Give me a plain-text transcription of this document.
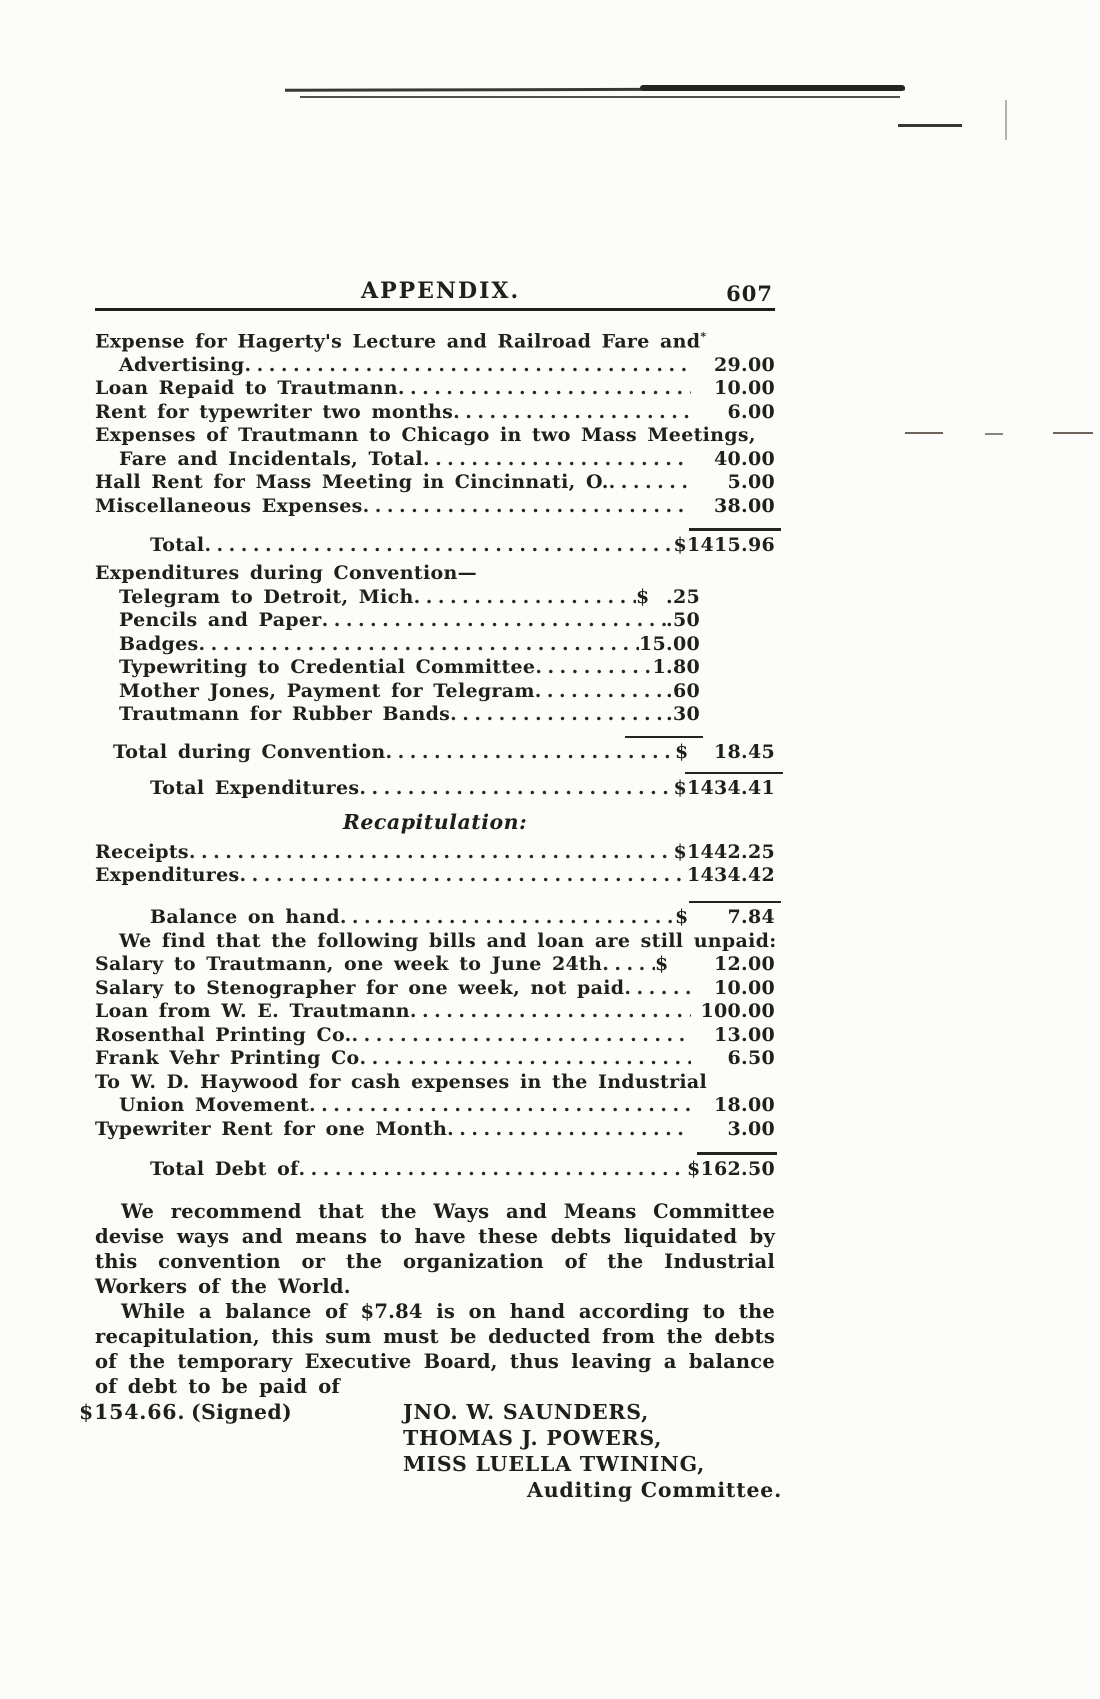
APPENDIX.	607
Expense for Hagerty's Lecture and Railroad Fare and*
Advertising .....	29.00
Loan Repaid to Trautmann .....	10.00
Rent for typewriter two months .....	6.00
Expenses of Trautmann to Chicago in two Mass Meetings,
Fare and Incidentals, Total .....	40.00
Hall Rent for Mass Meeting in Cincinnati, O. .....	5.00
Miscellaneous Expenses .....	38.00
Total .....	$1415.96
Expenditures during Convention—
Telegram to Detroit, Mich .....	$ .25
Pencils and Paper .....	.50
Badges .....	15.00
Typewriting to Credential Committee .....	1.80
Mother Jones, Payment for Telegram .....	.60
Trautmann for Rubber Bands .....	.30
Total during Convention .....	$ 18.45
Total Expenditures .....	$1434.41
Recapitulation:
Receipts .....	$1442.25
Expenditures .....	1434.42
Balance on hand .....	$ 7.84
We find that the following bills and loan are still unpaid:
Salary to Trautmann, one week to June 24th .....	$ 12.00
Salary to Stenographer for one week, not paid .....	10.00
Loan from W. E. Trautmann .....	100.00
Rosenthal Printing Co. .....	13.00
Frank Vehr Printing Co .....	6.50
To W. D. Haywood for cash expenses in the Industrial
Union Movement .....	18.00
Typewriter Rent for one Month .....	3.00
Total Debt of .....	$162.50

We recommend that the Ways and Means Committee devise ways and means to have these debts liquidated by this convention or the organization of the Industrial Workers of the World.

While a balance of $7.84 is on hand according to the recapitulation, this sum must be deducted from the debts of the temporary Executive Board, thus leaving a balance of debt to be paid of

$154.66. (Signed)	JNO. W. SAUNDERS,
THOMAS J. POWERS,
MISS LUELLA TWINING,
Auditing Committee.
